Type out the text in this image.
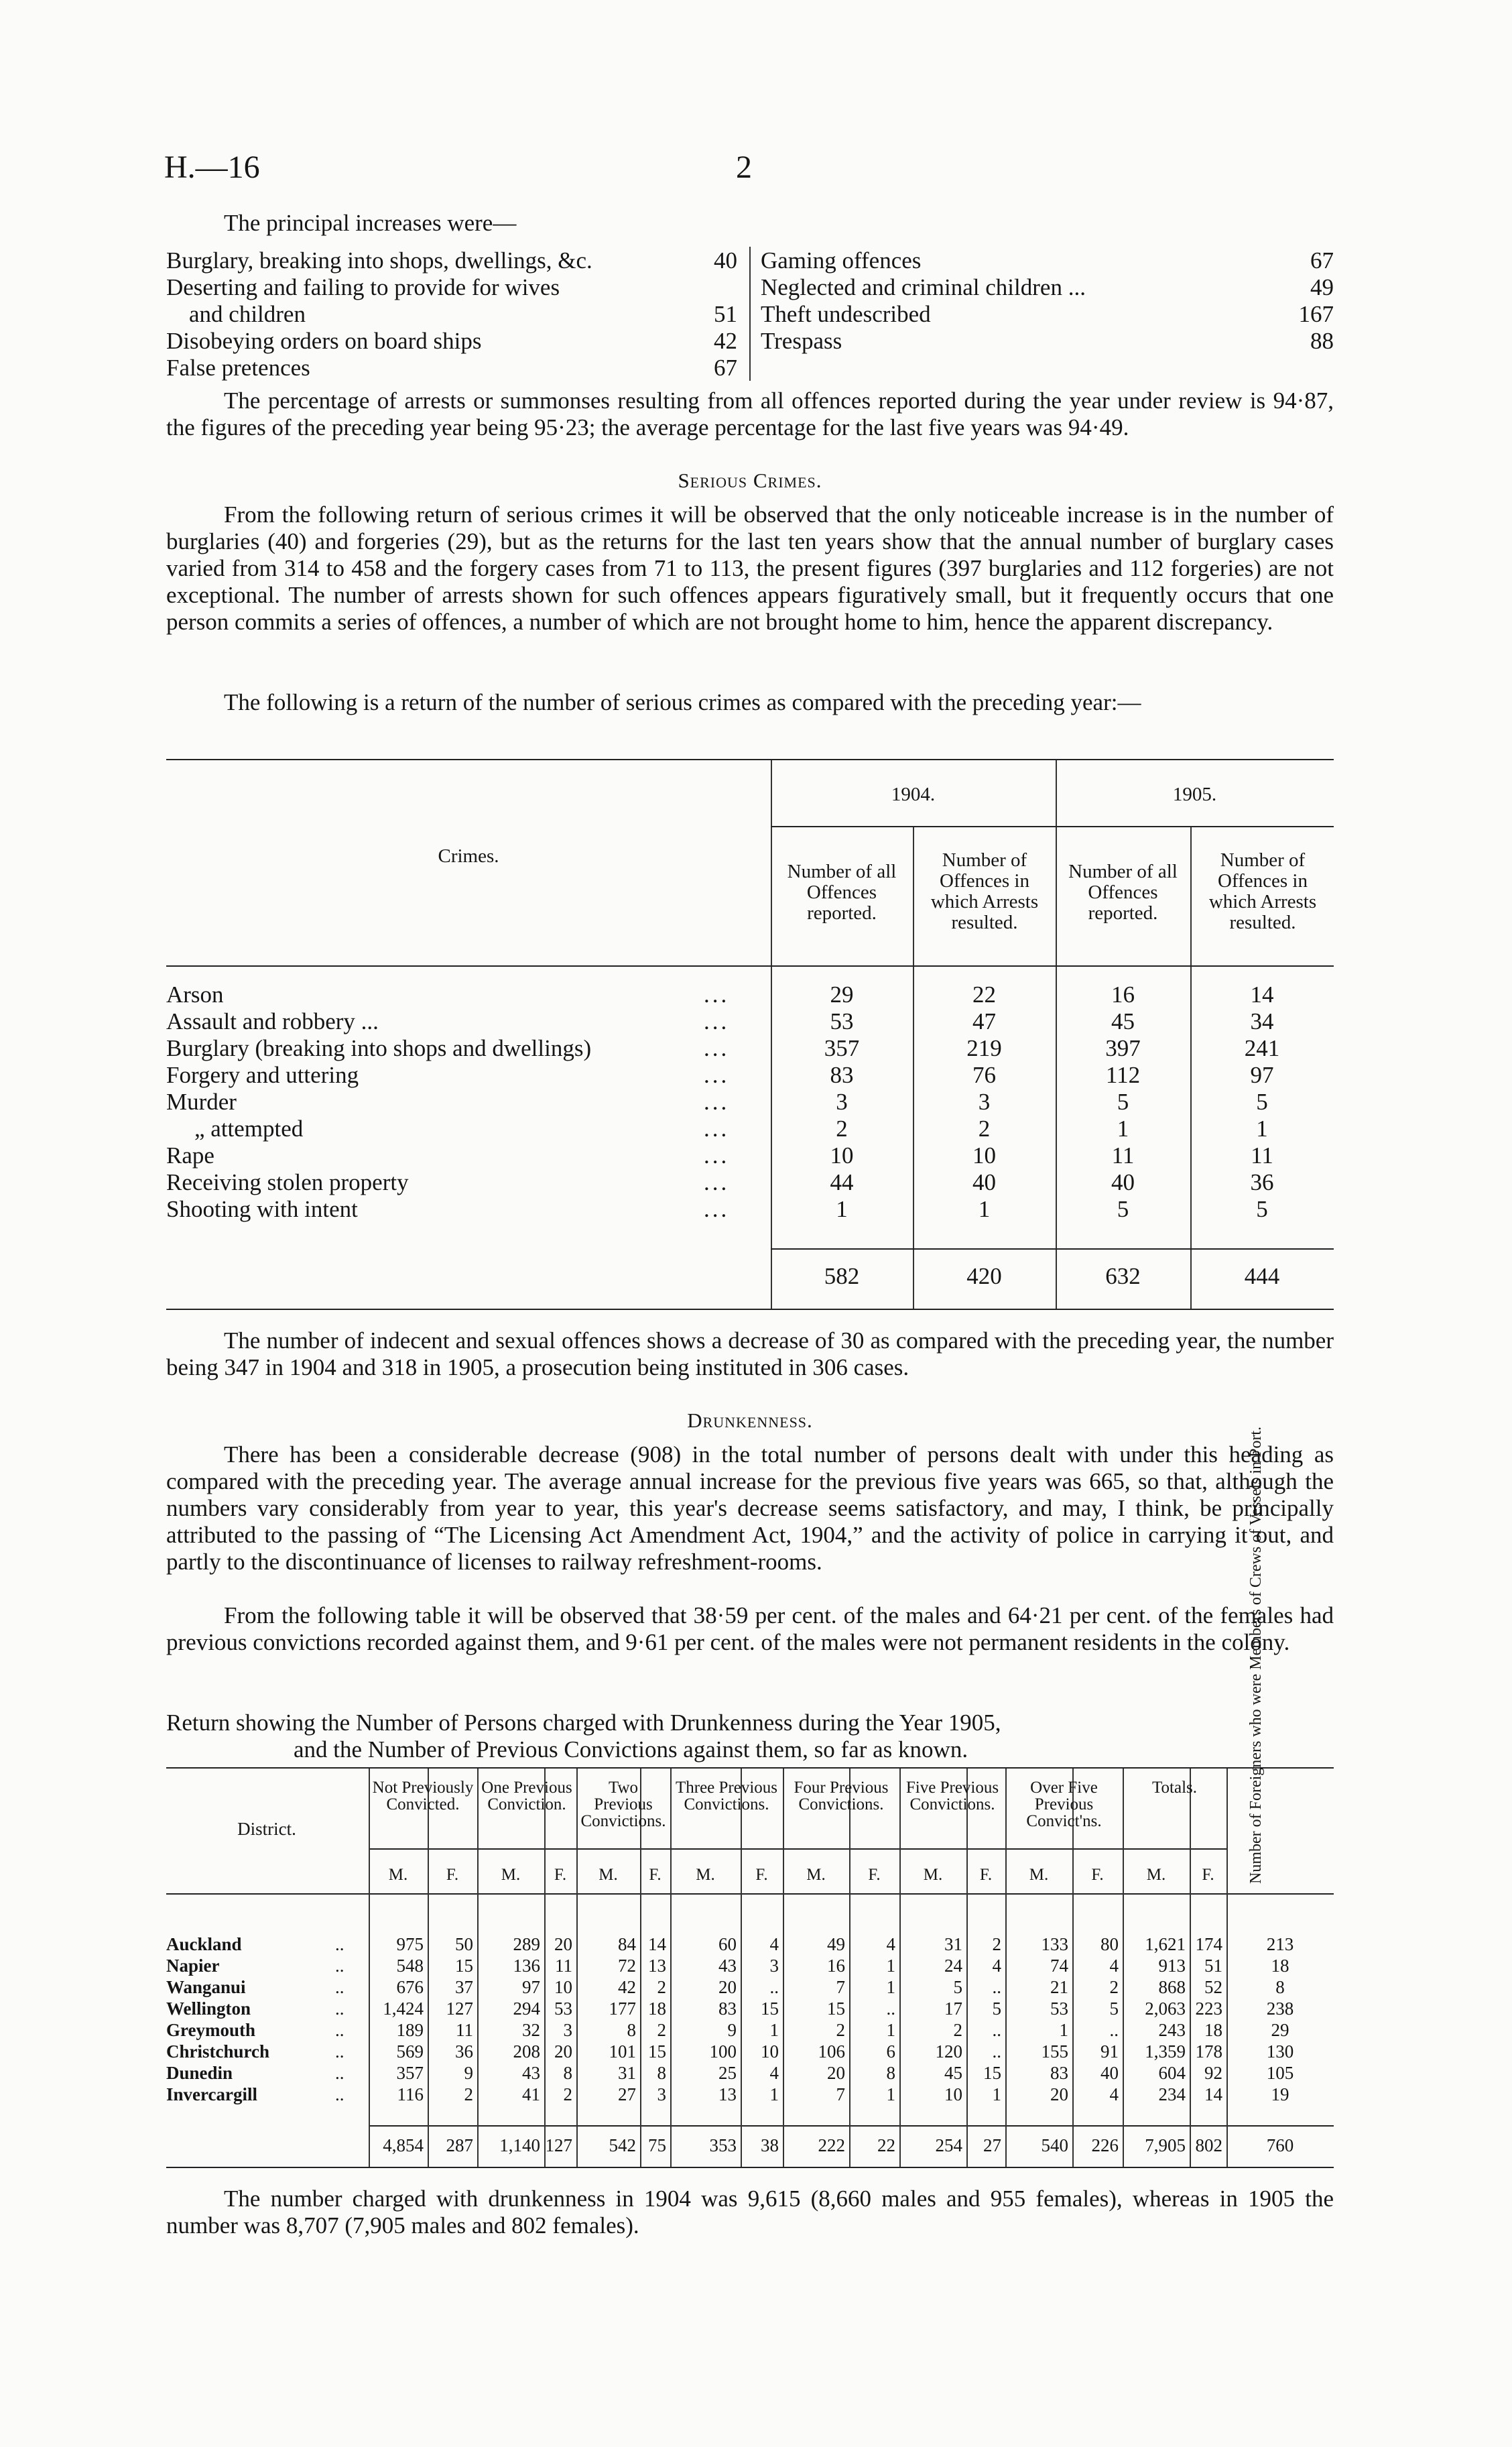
H.—16	2
The principal increases were—
Burglary, breaking into shops, dwellings, &c.	40
Deserting and failing to provide for wives
and children	51
Disobeying orders on board ships	42
False pretences	67
Gaming offences	67
Neglected and criminal children ...	49
Theft undescribed	167
Trespass	88
The percentage of arrests or summonses resulting from all offences reported during the year under review is 94·87, the figures of the preceding year being 95·23; the average percentage for the last five years was 94·49.
Serious Crimes.
From the following return of serious crimes it will be observed that the only noticeable increase is in the number of burglaries (40) and forgeries (29), but as the returns for the last ten years show that the annual number of burglary cases varied from 314 to 458 and the forgery cases from 71 to 113, the present figures (397 burglaries and 112 forgeries) are not exceptional. The number of arrests shown for such offences appears figuratively small, but it frequently occurs that one person commits a series of offences, a number of which are not brought home to him, hence the apparent discrepancy.
The following is a return of the number of serious crimes as compared with the preceding year:—
Crimes.
1904.	1905.
Number of all Offences reported.
Number of Offences in which Arrests resulted.
Number of all Offences reported.
Number of Offences in which Arrests resulted.
Arson	...	29	22	16	14
Assault and robbery ...	...	53	47	45	34
Burglary (breaking into shops and dwellings)	...	357	219	397	241
Forgery and uttering	...	83	76	112	97
Murder	...	3	3	5	5
„ attempted	...	2	2	1	1
Rape	...	10	10	11	11
Receiving stolen property	...	44	40	40	36
Shooting with intent	...	1	1	5	5
582	420	632	444
The number of indecent and sexual offences shows a decrease of 30 as compared with the preceding year, the number being 347 in 1904 and 318 in 1905, a prosecution being instituted in 306 cases.
Drunkenness.
There has been a considerable decrease (908) in the total number of persons dealt with under this heading as compared with the preceding year. The average annual increase for the previous five years was 665, so that, although the numbers vary considerably from year to year, this year's decrease seems satisfactory, and may, I think, be principally attributed to the passing of “The Licensing Act Amendment Act, 1904,” and the activity of police in carrying it out, and partly to the discontinuance of licenses to railway refreshment-rooms.
From the following table it will be observed that 38·59 per cent. of the males and 64·21 per cent. of the females had previous convictions recorded against them, and 9·61 per cent. of the males were not permanent residents in the colony.
Return showing the Number of Persons charged with Drunkenness during the Year 1905,
and the Number of Previous Convictions against them, so far as known.
District.
Not Previously Convicted.
M.	F.
One Previous Conviction.
M.	F.
Two Previous Convictions.
M.	F.
Three Previous Convictions.
M.	F.
Four Previous Convictions.
M.	F.
Five Previous Convictions.
M.	F.
Over Five Previous Convict'ns.
M.	F.
Totals.
M.	F.	Number of Foreigners who were Members of Crews of Vessels in Port.
Auckland	..	975	50	289 20	84 14	60	4	49	4	31	2	133	80	1,621 174	213
Napier	..	548	15	136 11	72 13	43	3	16	1	24	4	74	4	913	51	18
Wanganui	..	676	37	97 10	42	2	20	..	7	1	5	..	21	2	868	52	8
Wellington	..	1,424	127	294 53	177 18	83	15	15	..	17	5	53	5	2,063 223	238
Greymouth	..	189	11	32	3	8	2	9	1	2	1	2	..	1	..	243	18	29
Christchurch	..	569	36	208 20	101 15	100	10	106	6	120	..	155	91	1,359 178	130
Dunedin	..	357	9	43	8	31	8	25	4	20	8	45	15	83	40	604	92	105
Invercargill	..	116	2	41	2	27	3	13	1	7	1	10	1	20	4	234	14	19
4,854	287	1,140 127	542 75	353	38	222	22	254	27	540	226	7,905 802	760
The number charged with drunkenness in 1904 was 9,615 (8,660 males and 955 females), whereas in 1905 the number was 8,707 (7,905 males and 802 females).
